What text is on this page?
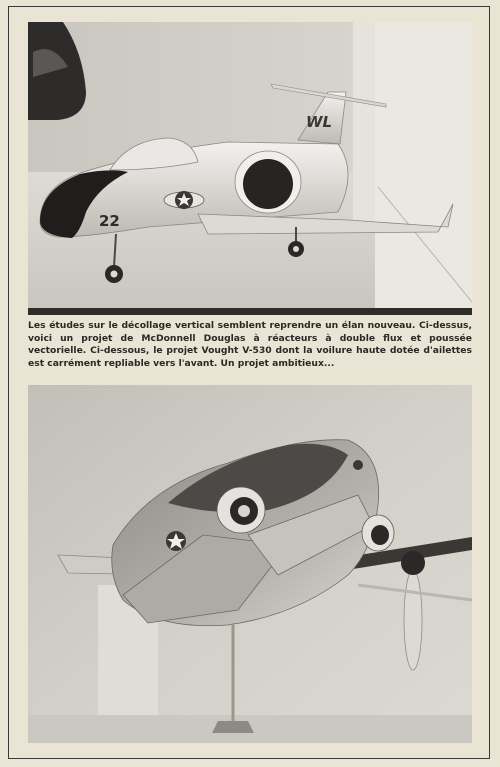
WL
22

Les études sur le décollage vertical semblent reprendre un élan nouveau. Ci-dessus, voici un projet de McDonnell Douglas à réacteurs à double flux et poussée vectorielle. Ci-dessous, le projet Vought V-530 dont la voilure haute dotée d'ailettes est carrément repliable vers l'avant. Un projet ambitieux...
